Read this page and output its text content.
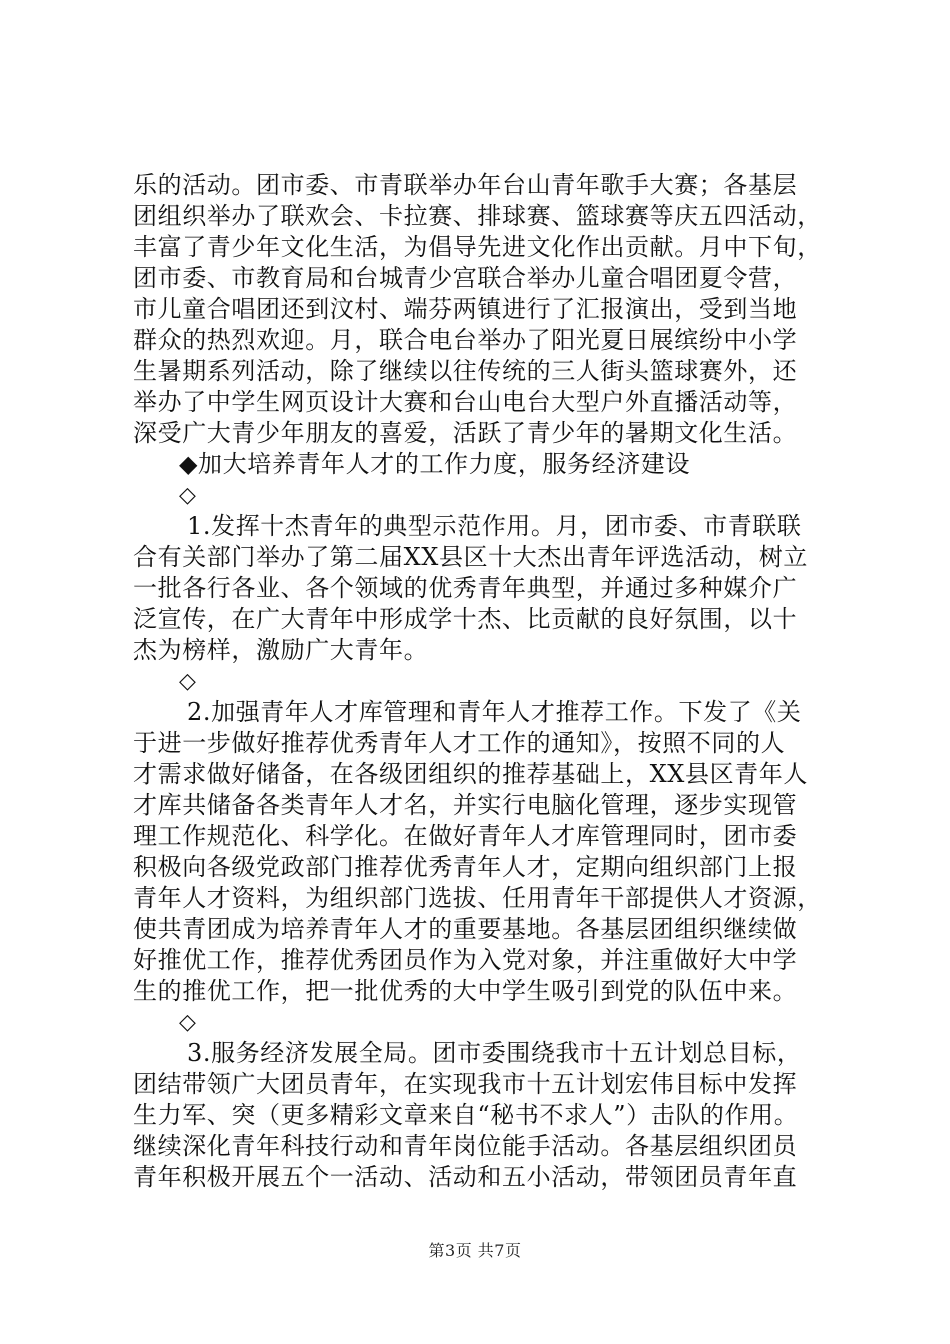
乐的活动。团市委、市青联举办年台山青年歌手大赛；各基层
团组织举办了联欢会、卡拉赛、排球赛、篮球赛等庆五四活动，
丰富了青少年文化生活，为倡导先进文化作出贡献。月中下旬，
团市委、市教育局和台城青少宫联合举办儿童合唱团夏令营，
市儿童合唱团还到汶村、端芬两镇进行了汇报演出，受到当地
群众的热烈欢迎。月，联合电台举办了阳光夏日展缤纷中小学
生暑期系列活动，除了继续以往传统的三人街头篮球赛外，还
举办了中学生网页设计大赛和台山电台大型户外直播活动等，
深受广大青少年朋友的喜爱，活跃了青少年的暑期文化生活。
◆加大培养青年人才的工作力度，服务经济建设
◇
1.发挥十杰青年的典型示范作用。月，团市委、市青联联
合有关部门举办了第二届XX县区十大杰出青年评选活动，树立
一批各行各业、各个领域的优秀青年典型，并通过多种媒介广
泛宣传，在广大青年中形成学十杰、比贡献的良好氛围，以十
杰为榜样，激励广大青年。
◇
2.加强青年人才库管理和青年人才推荐工作。下发了《关
于进一步做好推荐优秀青年人才工作的通知》，按照不同的人
才需求做好储备，在各级团组织的推荐基础上，XX县区青年人
才库共储备各类青年人才名，并实行电脑化管理，逐步实现管
理工作规范化、科学化。在做好青年人才库管理同时，团市委
积极向各级党政部门推荐优秀青年人才，定期向组织部门上报
青年人才资料，为组织部门选拔、任用青年干部提供人才资源，
使共青团成为培养青年人才的重要基地。各基层团组织继续做
好推优工作，推荐优秀团员作为入党对象，并注重做好大中学
生的推优工作，把一批优秀的大中学生吸引到党的队伍中来。
◇
3.服务经济发展全局。团市委围绕我市十五计划总目标，
团结带领广大团员青年，在实现我市十五计划宏伟目标中发挥
生力军、突（更多精彩文章来自“秘书不求人”）击队的作用。
继续深化青年科技行动和青年岗位能手活动。各基层组织团员
青年积极开展五个一活动、活动和五小活动，带领团员青年直
第3页 共7页
